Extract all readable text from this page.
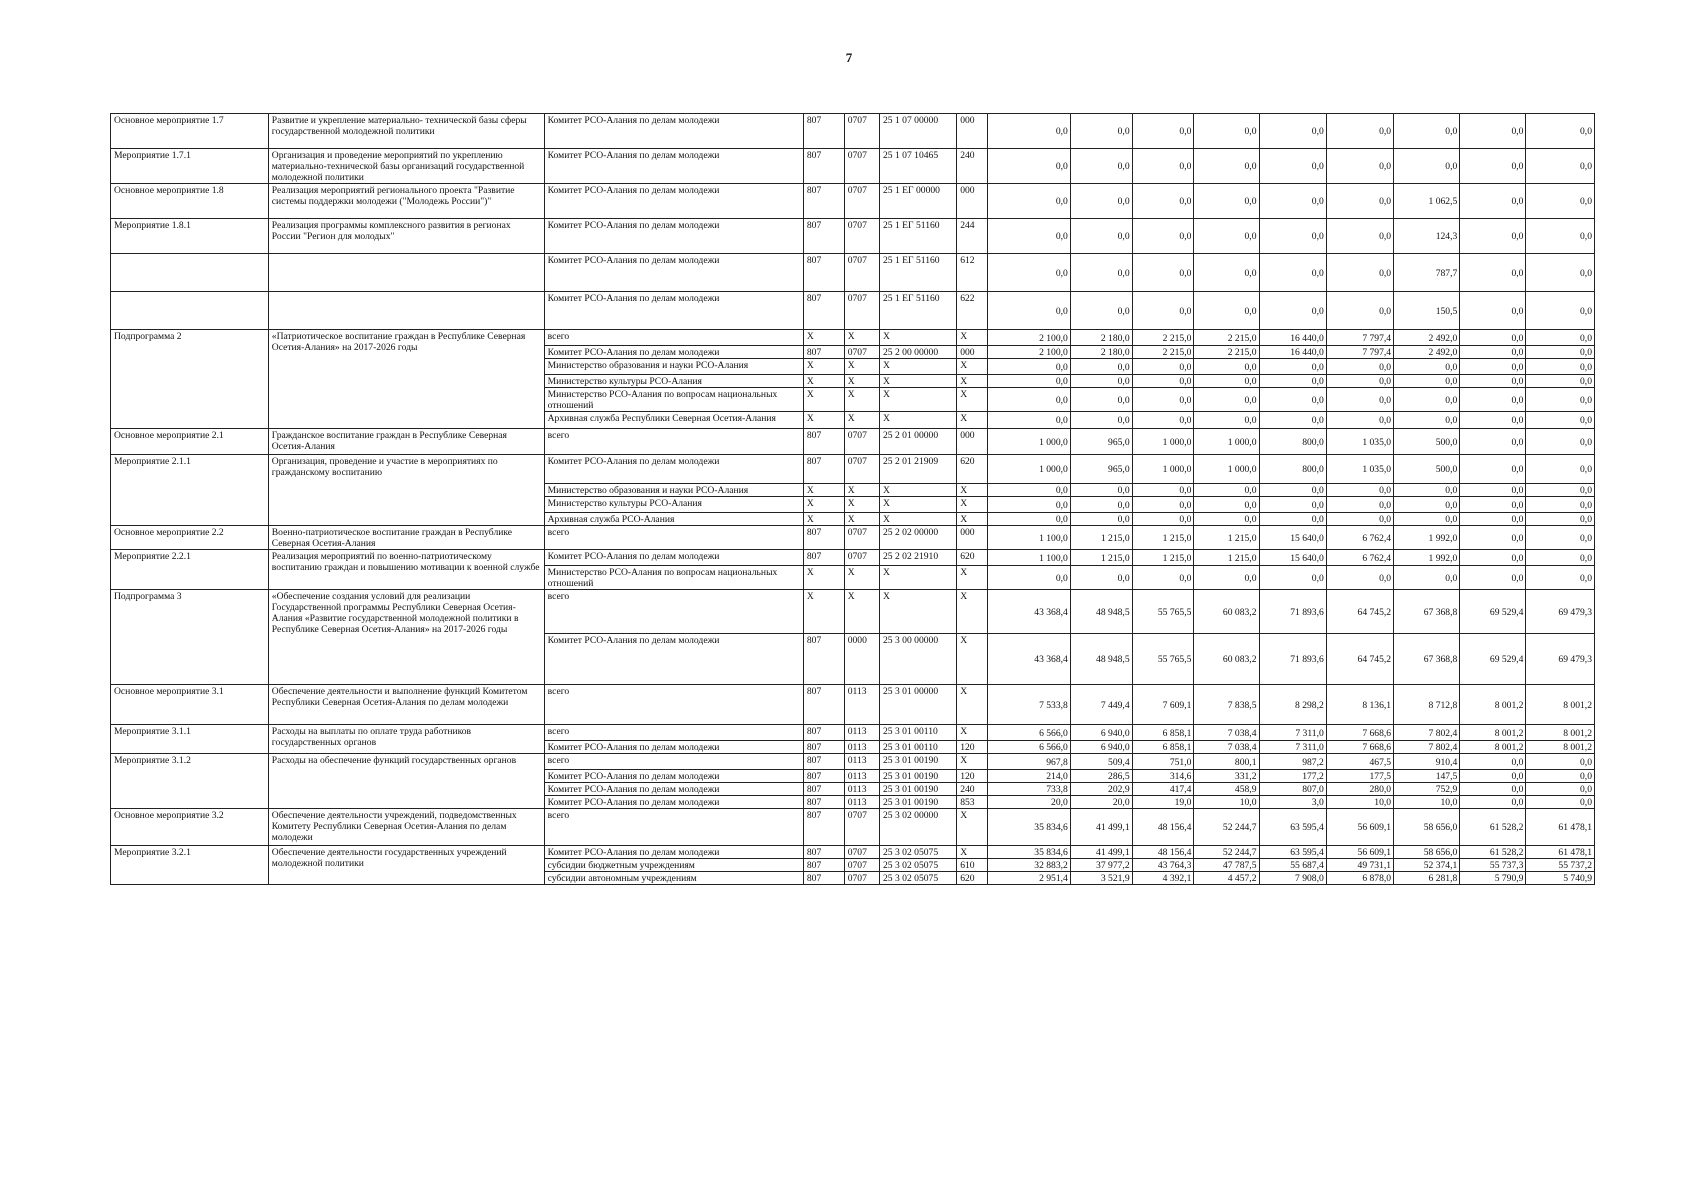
7
Основное мероприятие 1.7	Развитие и укрепление материально- технической базы сферы государственной молодежной политики	Комитет РСО-Алания по делам молодежи	807	0707	25 1 07 00000	000	0,0	0,0	0,0	0,0	0,0	0,0	0,0	0,0	0,0
Мероприятие 1.7.1	Организация и проведение мероприятий по укреплению материально-технической базы организаций государственной молодежной политики	Комитет РСО-Алания по делам молодежи	807	0707	25 1 07 10465	240	0,0	0,0	0,0	0,0	0,0	0,0	0,0	0,0	0,0
Основное мероприятие 1.8	Реализация мероприятий регионального проекта "Развитие системы поддержки молодежи ("Молодежь России")"	Комитет РСО-Алания по делам молодежи	807	0707	25 1 ЕГ 00000	000	0,0	0,0	0,0	0,0	0,0	0,0	1 062,5	0,0	0,0
Мероприятие 1.8.1	Реализация программы комплексного развития в регионах России "Регион для молодых"	Комитет РСО-Алания по делам молодежи	807	0707	25 1 ЕГ 51160	244	0,0	0,0	0,0	0,0	0,0	0,0	124,3	0,0	0,0
		Комитет РСО-Алания по делам молодежи	807	0707	25 1 ЕГ 51160	612	0,0	0,0	0,0	0,0	0,0	0,0	787,7	0,0	0,0
		Комитет РСО-Алания по делам молодежи	807	0707	25 1 ЕГ 51160	622	0,0	0,0	0,0	0,0	0,0	0,0	150,5	0,0	0,0
Подпрограмма 2	«Патриотическое воспитание граждан в Республике Северная Осетия-Алания» на 2017-2026 годы	всего	X	X	X	X	2 100,0	2 180,0	2 215,0	2 215,0	16 440,0	7 797,4	2 492,0	0,0	0,0
		Комитет РСО-Алания по делам молодежи	807	0707	25 2 00 00000	000	2 100,0	2 180,0	2 215,0	2 215,0	16 440,0	7 797,4	2 492,0	0,0	0,0
		Министерство образования и науки РСО-Алания	X	X	X	X	0,0	0,0	0,0	0,0	0,0	0,0	0,0	0,0	0,0
		Министерство культуры РСО-Алания	X	X	X	X	0,0	0,0	0,0	0,0	0,0	0,0	0,0	0,0	0,0
		Министерство РСО-Алания по вопросам национальных отношений	X	X	X	X	0,0	0,0	0,0	0,0	0,0	0,0	0,0	0,0	0,0
		Архивная служба Республики Северная Осетия-Алания	X	X	X	X	0,0	0,0	0,0	0,0	0,0	0,0	0,0	0,0	0,0
Основное мероприятие 2.1	Гражданское воспитание граждан в Республике Северная Осетия-Алания	всего	807	0707	25 2 01 00000	000	1 000,0	965,0	1 000,0	1 000,0	800,0	1 035,0	500,0	0,0	0,0
Мероприятие 2.1.1	Организация, проведение и участие в мероприятиях по гражданскому воспитанию	Комитет РСО-Алания по делам молодежи	807	0707	25 2 01 21909	620	1 000,0	965,0	1 000,0	1 000,0	800,0	1 035,0	500,0	0,0	0,0
		Министерство образования и науки РСО-Алания	X	X	X	X	0,0	0,0	0,0	0,0	0,0	0,0	0,0	0,0	0,0
		Министерство культуры РСО-Алания	X	X	X	X	0,0	0,0	0,0	0,0	0,0	0,0	0,0	0,0	0,0
		Архивная служба РСО-Алания	X	X	X	X	0,0	0,0	0,0	0,0	0,0	0,0	0,0	0,0	0,0
Основное мероприятие 2.2	Военно-патриотическое воспитание граждан в Республике Северная Осетия-Алания	всего	807	0707	25 2 02 00000	000	1 100,0	1 215,0	1 215,0	1 215,0	15 640,0	6 762,4	1 992,0	0,0	0,0
Мероприятие 2.2.1	Реализация мероприятий по военно-патриотическому воспитанию граждан и повышению мотивации к военной службе	Комитет РСО-Алания по делам молодежи	807	0707	25 2 02 21910	620	1 100,0	1 215,0	1 215,0	1 215,0	15 640,0	6 762,4	1 992,0	0,0	0,0
		Министерство РСО-Алания по вопросам национальных отношений	X	X	X	X	0,0	0,0	0,0	0,0	0,0	0,0	0,0	0,0	0,0
Подпрограмма 3	«Обеспечение создания условий для реализации Государственной программы Республики Северная Осетия-Алания «Развитие государственной молодежной политики в Республике Северная Осетия-Алания» на 2017-2026 годы	всего	X	X	X	X	43 368,4	48 948,5	55 765,5	60 083,2	71 893,6	64 745,2	67 368,8	69 529,4	69 479,3
		Комитет РСО-Алания по делам молодежи	807	0000	25 3 00 00000	X	43 368,4	48 948,5	55 765,5	60 083,2	71 893,6	64 745,2	67 368,8	69 529,4	69 479,3
Основное мероприятие 3.1	Обеспечение деятельности и выполнение функций Комитетом Республики Северная Осетия-Алания по делам молодежи	всего	807	0113	25 3 01 00000	X	7 533,8	7 449,4	7 609,1	7 838,5	8 298,2	8 136,1	8 712,8	8 001,2	8 001,2
Мероприятие 3.1.1	Расходы на выплаты по оплате труда работников государственных органов	всего	807	0113	25 3 01 00110	X	6 566,0	6 940,0	6 858,1	7 038,4	7 311,0	7 668,6	7 802,4	8 001,2	8 001,2
		Комитет РСО-Алания по делам молодежи	807	0113	25 3 01 00110	120	6 566,0	6 940,0	6 858,1	7 038,4	7 311,0	7 668,6	7 802,4	8 001,2	8 001,2
Мероприятие 3.1.2	Расходы на обеспечение функций государственных органов	всего	807	0113	25 3 01 00190	X	967,8	509,4	751,0	800,1	987,2	467,5	910,4	0,0	0,0
		Комитет РСО-Алания по делам молодежи	807	0113	25 3 01 00190	120	214,0	286,5	314,6	331,2	177,2	177,5	147,5	0,0	0,0
		Комитет РСО-Алания по делам молодежи	807	0113	25 3 01 00190	240	733,8	202,9	417,4	458,9	807,0	280,0	752,9	0,0	0,0
		Комитет РСО-Алания по делам молодежи	807	0113	25 3 01 00190	853	20,0	20,0	19,0	10,0	3,0	10,0	10,0	0,0	0,0
Основное мероприятие 3.2	Обеспечение деятельности учреждений, подведомственных Комитету Республики Северная Осетия-Алания по делам молодежи	всего	807	0707	25 3 02 00000	X	35 834,6	41 499,1	48 156,4	52 244,7	63 595,4	56 609,1	58 656,0	61 528,2	61 478,1
Мероприятие 3.2.1	Обеспечение деятельности государственных учреждений молодежной политики	Комитет РСО-Алания по делам молодежи	807	0707	25 3 02 05075	X	35 834,6	41 499,1	48 156,4	52 244,7	63 595,4	56 609,1	58 656,0	61 528,2	61 478,1
		субсидии бюджетным учреждениям	807	0707	25 3 02 05075	610	32 883,2	37 977,2	43 764,3	47 787,5	55 687,4	49 731,1	52 374,1	55 737,3	55 737,2
		субсидии автономным учреждениям	807	0707	25 3 02 05075	620	2 951,4	3 521,9	4 392,1	4 457,2	7 908,0	6 878,0	6 281,8	5 790,9	5 740,9
